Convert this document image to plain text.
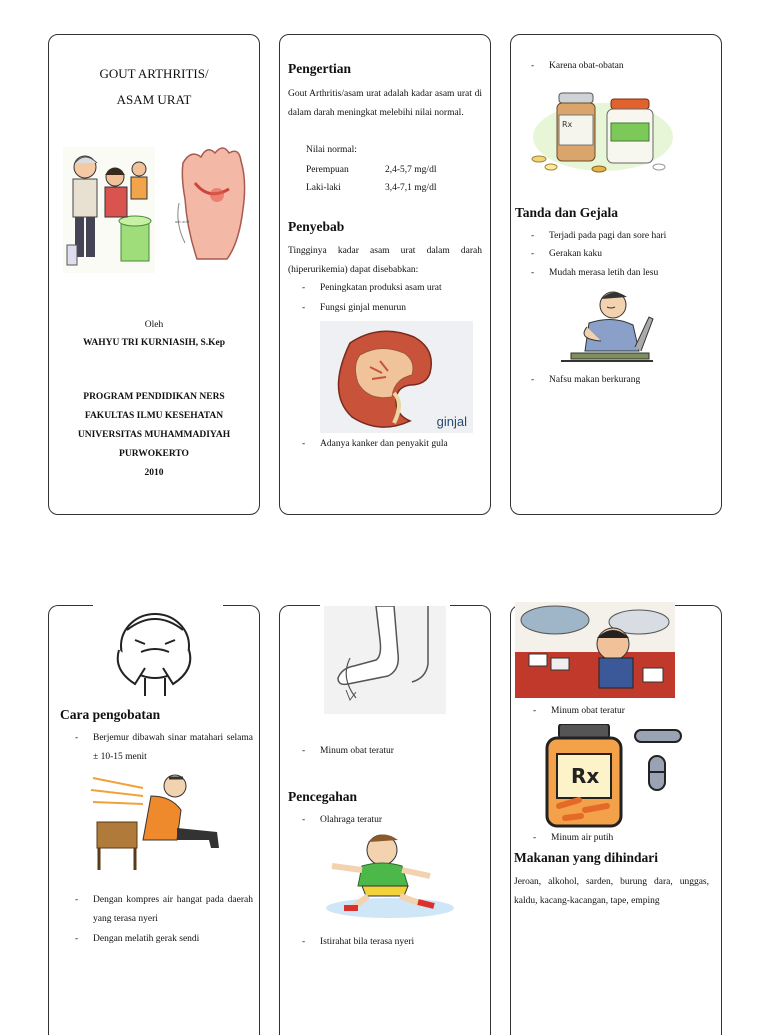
GOUT ARTHRITIS/
ASAM URAT
uric acid
Oleh
WAHYU TRI KURNIASIH, S.Kep
PROGRAM PENDIDIKAN NERS
FAKULTAS ILMU KESEHATAN
UNIVERSITAS MUHAMMADIYAH
PURWOKERTO
2010
Pengertian
Gout Arthritis/asam urat adalah kadar asam urat di dalam darah meningkat melebihi nilai normal.
Nilai normal:
Perempuan	2,4-5,7 mg/dl
Laki-laki	3,4-7,1 mg/dl
Penyebab
Tingginya kadar asam urat dalam darah (hiperurikemia) dapat disebabkan:
- Peningkatan produksi asam urat
- Fungsi ginjal menurun
ginjal
- Adanya kanker dan penyakit gula
- Karena obat-obatan
Rx
Tanda dan Gejala
- Terjadi pada pagi dan sore hari
- Gerakan kaku
- Mudah merasa letih dan lesu
- Nafsu makan berkurang
Cara pengobatan
- Berjemur dibawah sinar matahari selama ± 10-15 menit
- Dengan kompres air hangat pada daerah yang terasa nyeri
- Dengan melatih gerak sendi
- Minum obat teratur
Pencegahan
- Olahraga teratur
- Istirahat bila terasa nyeri
- Minum obat teratur
Rx
- Minum air putih
Makanan yang dihindari
Jeroan, alkohol, sarden, burung dara, unggas, kaldu, kacang-kacangan, tape, emping
